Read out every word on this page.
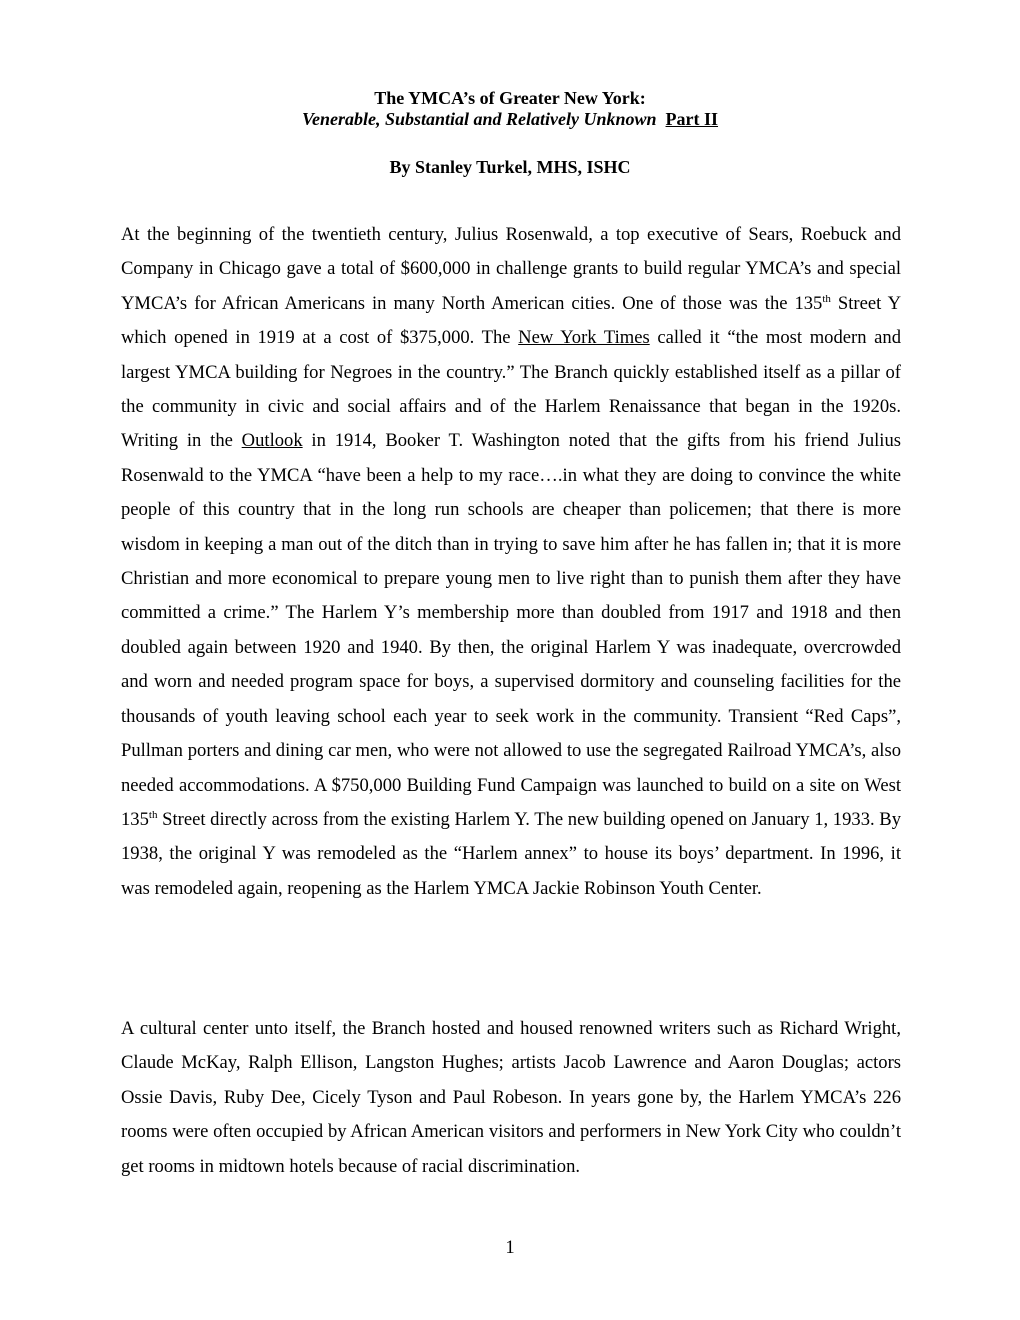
The YMCA’s of Greater New York:
Venerable, Substantial and Relatively Unknown Part II
By Stanley Turkel, MHS, ISHC

At the beginning of the twentieth century, Julius Rosenwald, a top executive of Sears, Roebuck and Company in Chicago gave a total of $600,000 in challenge grants to build regular YMCA’s and special YMCA’s for African Americans in many North American cities. One of those was the 135th Street Y which opened in 1919 at a cost of $375,000. The New York Times called it “the most modern and largest YMCA building for Negroes in the country.” The Branch quickly established itself as a pillar of the community in civic and social affairs and of the Harlem Renaissance that began in the 1920s. Writing in the Outlook in 1914, Booker T. Washington noted that the gifts from his friend Julius Rosenwald to the YMCA “have been a help to my race….in what they are doing to convince the white people of this country that in the long run schools are cheaper than policemen; that there is more wisdom in keeping a man out of the ditch than in trying to save him after he has fallen in; that it is more Christian and more economical to prepare young men to live right than to punish them after they have committed a crime.” The Harlem Y’s membership more than doubled from 1917 and 1918 and then doubled again between 1920 and 1940. By then, the original Harlem Y was inadequate, overcrowded and worn and needed program space for boys, a supervised dormitory and counseling facilities for the thousands of youth leaving school each year to seek work in the community. Transient “Red Caps”, Pullman porters and dining car men, who were not allowed to use the segregated Railroad YMCA’s, also needed accommodations. A $750,000 Building Fund Campaign was launched to build on a site on West 135th Street directly across from the existing Harlem Y. The new building opened on January 1, 1933. By 1938, the original Y was remodeled as the “Harlem annex” to house its boys’ department. In 1996, it was remodeled again, reopening as the Harlem YMCA Jackie Robinson Youth Center.

A cultural center unto itself, the Branch hosted and housed renowned writers such as Richard Wright, Claude McKay, Ralph Ellison, Langston Hughes; artists Jacob Lawrence and Aaron Douglas; actors Ossie Davis, Ruby Dee, Cicely Tyson and Paul Robeson. In years gone by, the Harlem YMCA’s 226 rooms were often occupied by African American visitors and performers in New York City who couldn’t get rooms in midtown hotels because of racial discrimination.

1
